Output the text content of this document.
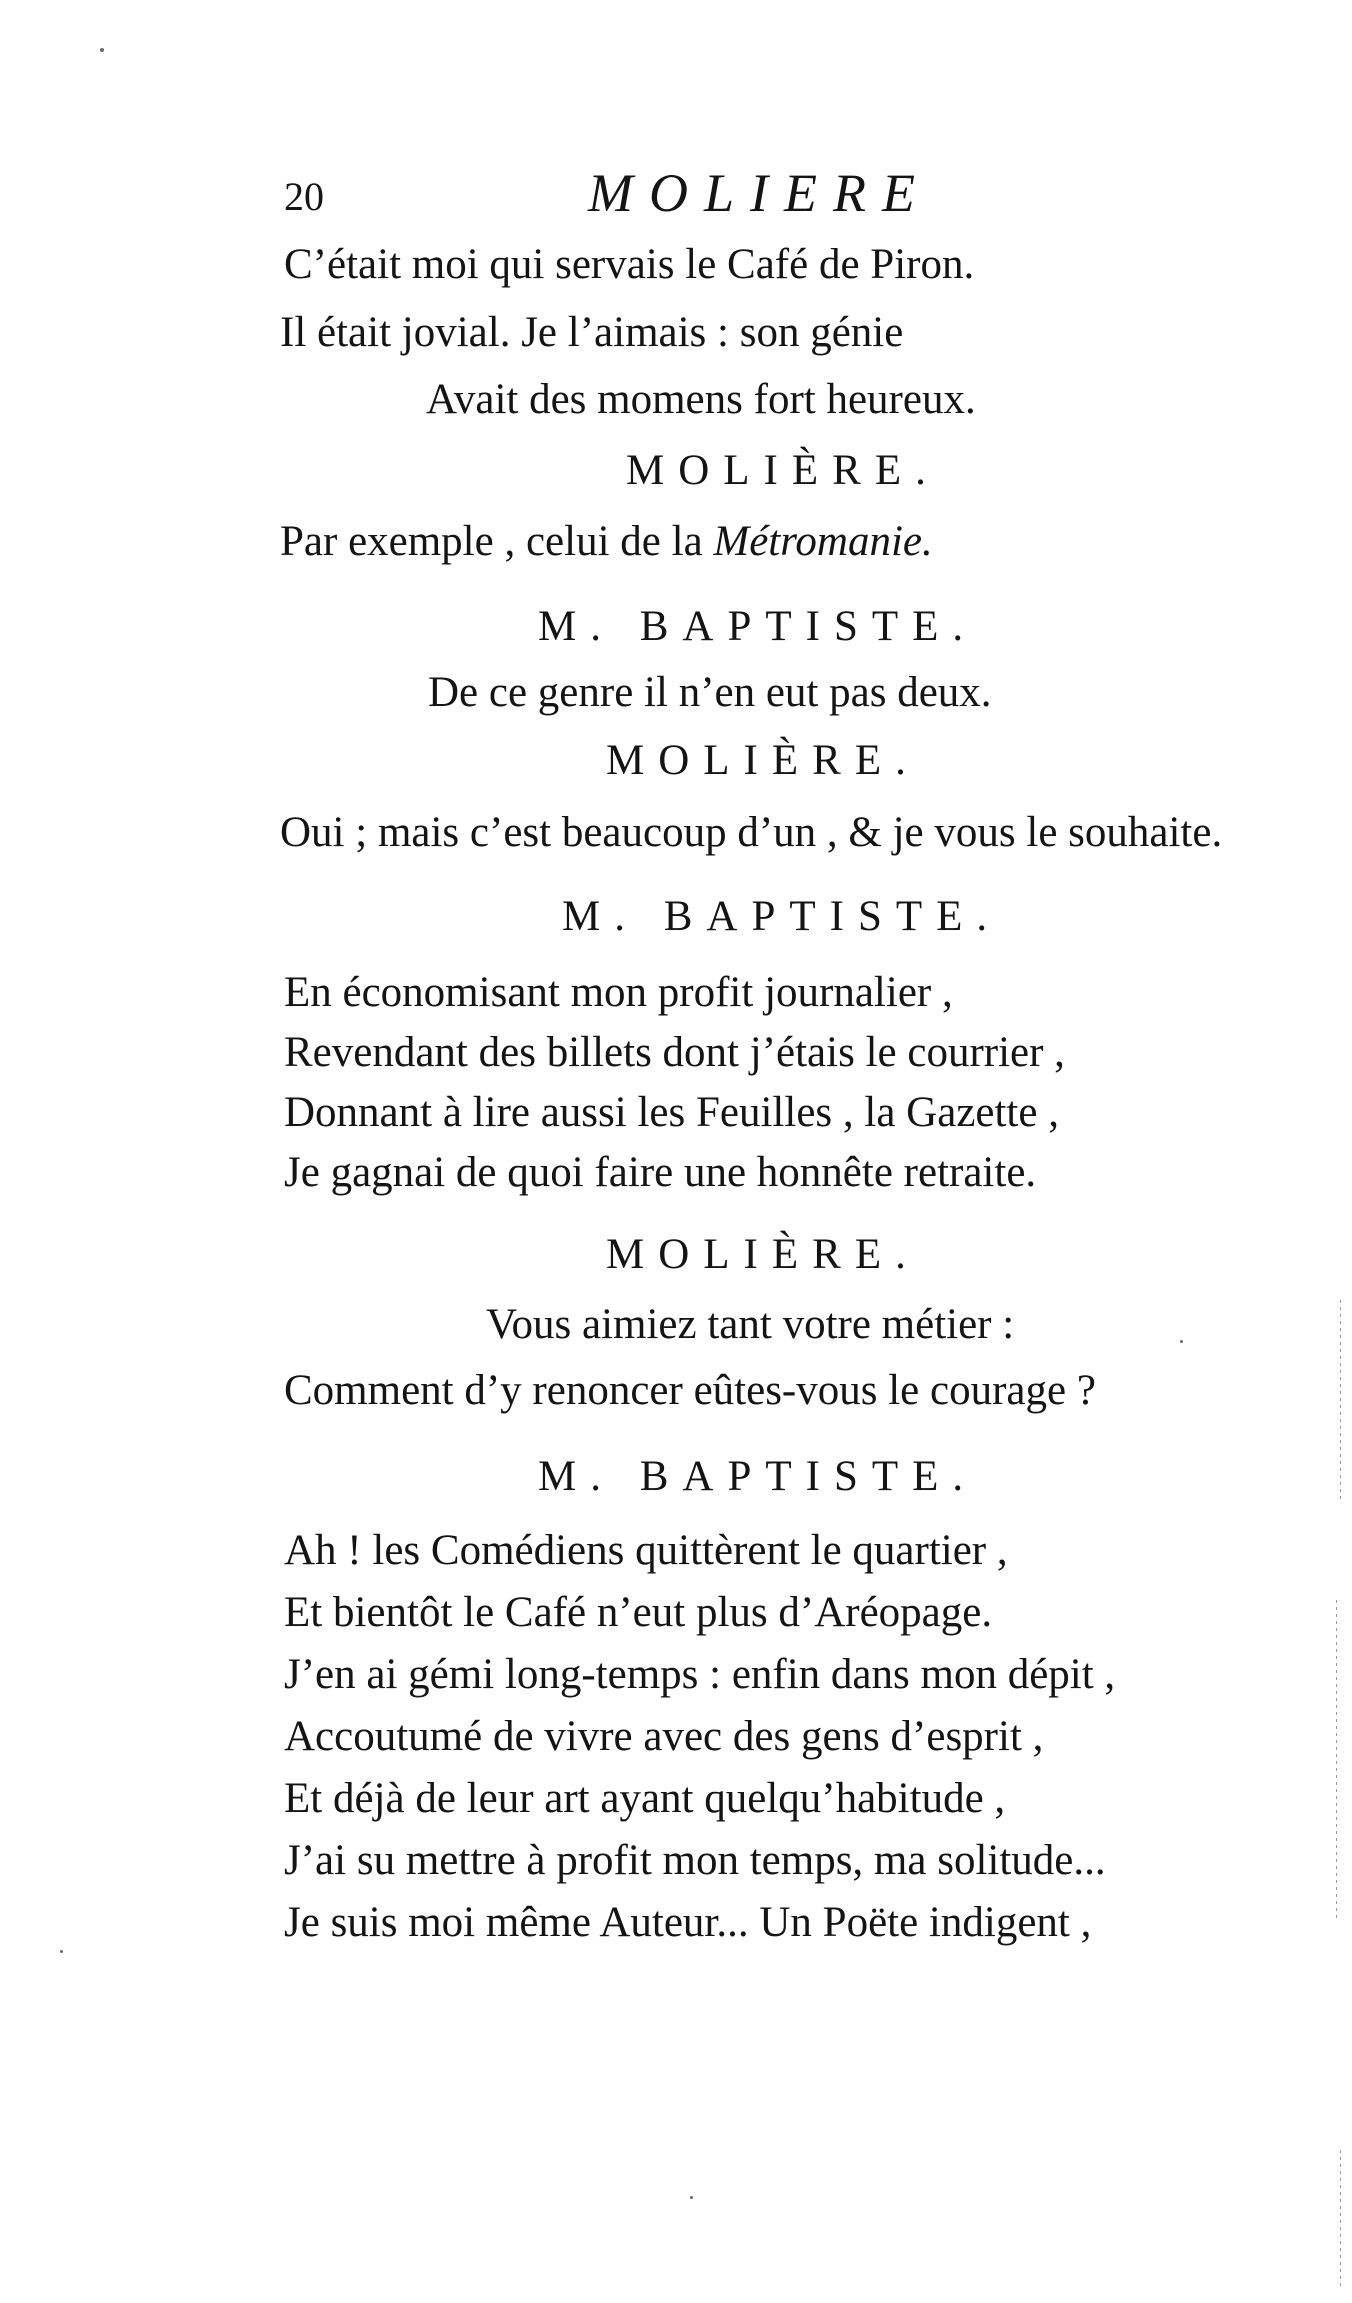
20	MOLIERE
C’était moi qui servais le Café de Piron.
Il était jovial. Je l’aimais : son génie
Avait des momens fort heureux.
MOLIÈRE.
Par exemple , celui de la Métromanie.
M. BAPTISTE.
De ce genre il n’en eut pas deux.
MOLIÈRE.
Oui ; mais c’est beaucoup d’un , & je vous le souhaite.
M. BAPTISTE.
En économisant mon profit journalier ,
Revendant des billets dont j’étais le courrier ,
Donnant à lire aussi les Feuilles , la Gazette ,
Je gagnai de quoi faire une honnête retraite.
MOLIÈRE.
Vous aimiez tant votre métier :
Comment d’y renoncer eûtes-vous le courage ?
M. BAPTISTE.
Ah ! les Comédiens quittèrent le quartier ,
Et bientôt le Café n’eut plus d’Aréopage.
J’en ai gémi long-temps : enfin dans mon dépit ,
Accoutumé de vivre avec des gens d’esprit ,
Et déjà de leur art ayant quelqu’habitude ,
J’ai su mettre à profit mon temps, ma solitude...
Je suis moi même Auteur... Un Poëte indigent ,
